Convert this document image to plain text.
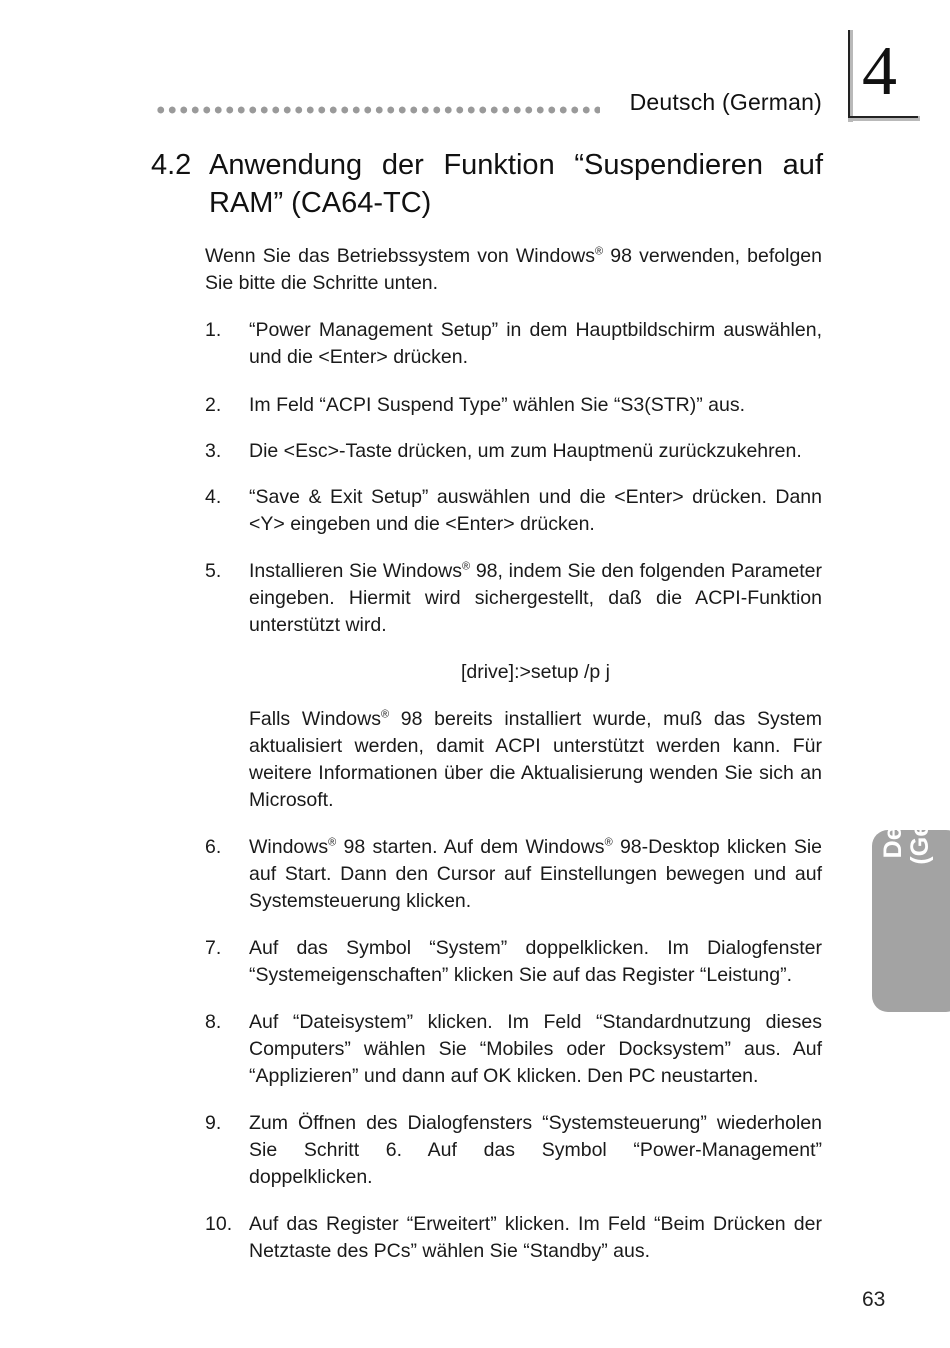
Deutsch (German) 4
4.2 Anwendung der Funktion “Suspendieren auf
RAM” (CA64-TC)
Wenn Sie das Betriebssystem von Windows® 98 verwenden, befolgen Sie bitte die Schritte unten.
1. “Power Management Setup” in dem Hauptbildschirm auswählen, und die <Enter> drücken.
2. Im Feld “ACPI Suspend Type” wählen Sie “S3(STR)” aus.
3. Die <Esc>-Taste drücken, um zum Hauptmenü zurückzukehren.
4. “Save & Exit Setup” auswählen und die <Enter> drücken. Dann <Y> eingeben und die <Enter> drücken.
5. Installieren Sie Windows® 98, indem Sie den folgenden Parameter eingeben. Hiermit wird sichergestellt, daß die ACPI-Funktion unterstützt wird.
[drive]:>setup /p j
Falls Windows® 98 bereits installiert wurde, muß das System aktualisiert werden, damit ACPI unterstützt werden kann. Für weitere Informationen über die Aktualisierung wenden Sie sich an Microsoft.
6. Windows® 98 starten. Auf dem Windows® 98-Desktop klicken Sie auf Start. Dann den Cursor auf Einstellungen bewegen und auf Systemsteuerung klicken.
7. Auf das Symbol “System” doppelklicken. Im Dialogfenster “Systemeigenschaften” klicken Sie auf das Register “Leistung”.
8. Auf “Dateisystem” klicken. Im Feld “Standardnutzung dieses Computers” wählen Sie “Mobiles oder Docksystem” aus. Auf “Applizieren” und dann auf OK klicken. Den PC neustarten.
9. Zum Öffnen des Dialogfensters “Systemsteuerung” wiederholen Sie Schritt 6. Auf das Symbol “Power-Management” doppelklicken.
10. Auf das Register “Erweitert” klicken. Im Feld “Beim Drücken der Netztaste des PCs” wählen Sie “Standby” aus.
Deutsch (German)
63
